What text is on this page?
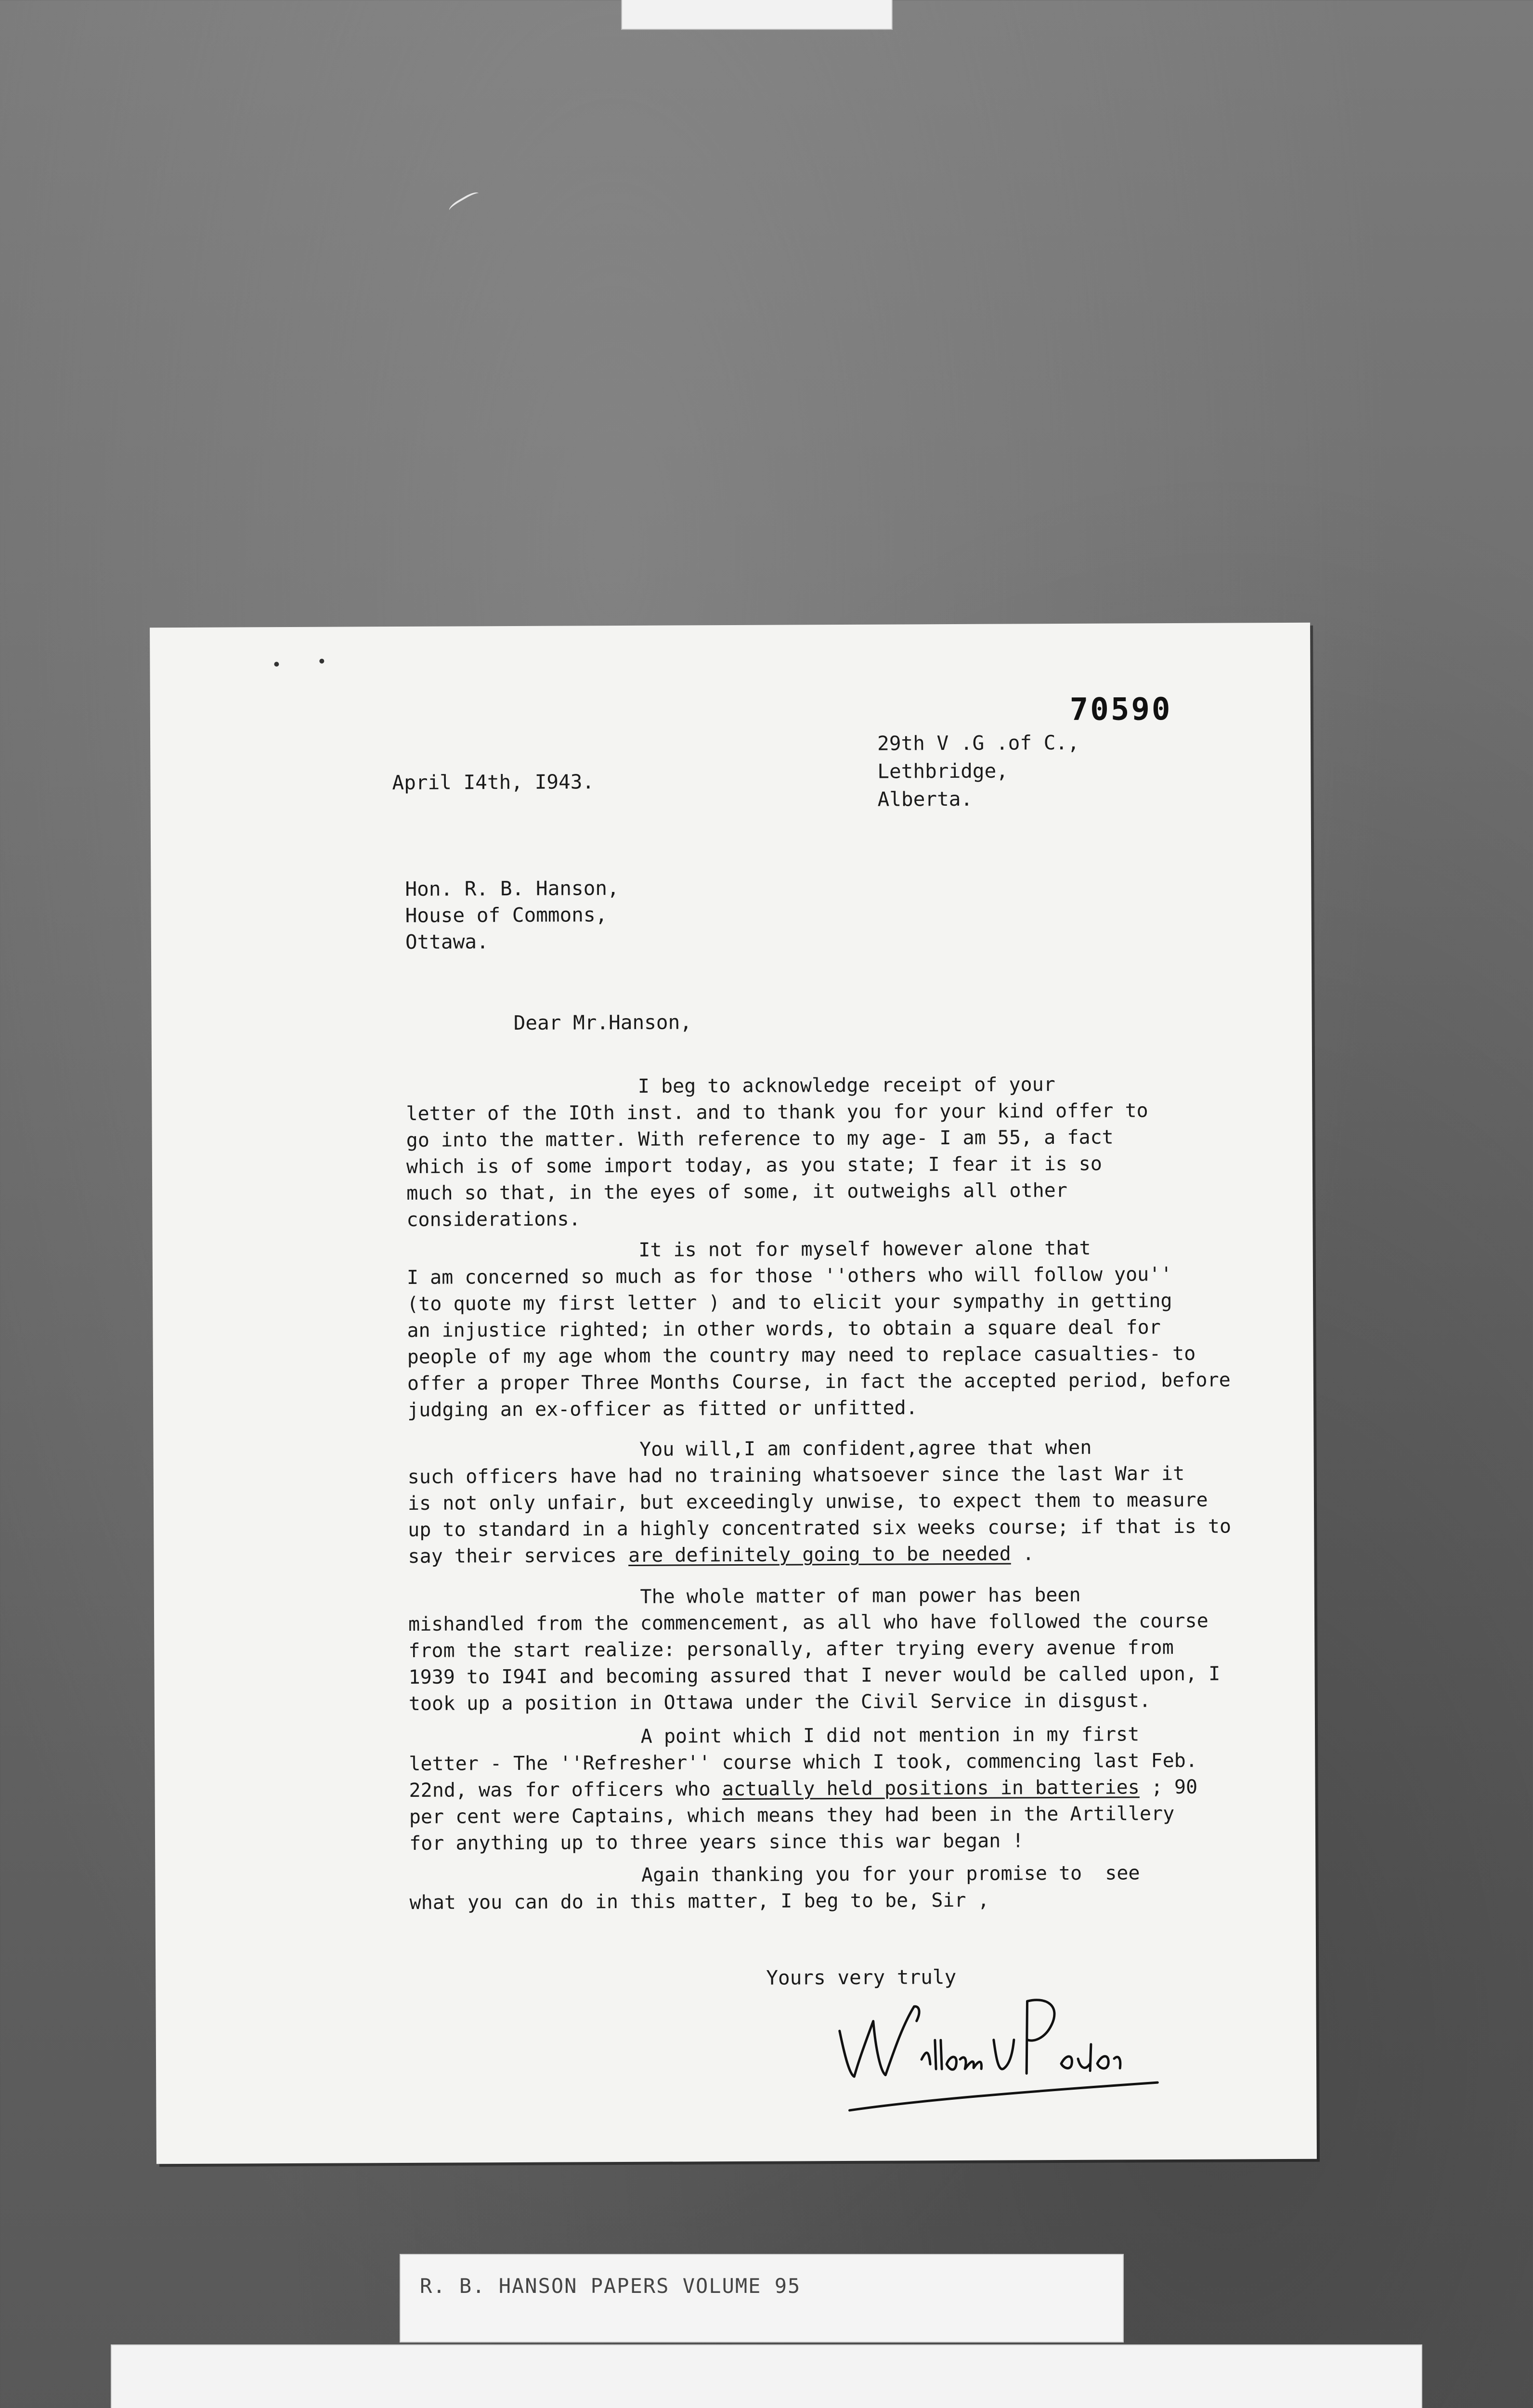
70590
29th V .G .of C.,
Lethbridge,
Alberta.
April I4th, I943.
Hon. R. B. Hanson,
House of Commons,
Ottawa.
Dear Mr.Hanson,
I beg to acknowledge receipt of your
letter of the IOth inst. and to thank you for your kind offer to
go into the matter. With reference to my age- I am 55, a fact
which is of some import today, as you state; I fear it is so
much so that, in the eyes of some, it outweighs all other
considerations.
It is not for myself however alone that
I am concerned so much as for those ''others who will follow you''
(to quote my first letter ) and to elicit your sympathy in getting
an injustice righted; in other words, to obtain a square deal for
people of my age whom the country may need to replace casualties- to
offer a proper Three Months Course, in fact the accepted period, before
judging an ex-officer as fitted or unfitted.
You will,I am confident,agree that when
such officers have had no training whatsoever since the last War it
is not only unfair, but exceedingly unwise, to expect them to measure
up to standard in a highly concentrated six weeks course; if that is to
say their services are definitely going to be needed .
The whole matter of man power has been
mishandled from the commencement, as all who have followed the course
from the start realize: personally, after trying every avenue from
1939 to I94I and becoming assured that I never would be called upon, I
took up a position in Ottawa under the Civil Service in disgust.
A point which I did not mention in my first
letter - The ''Refresher'' course which I took, commencing last Feb.
22nd, was for officers who actually held positions in batteries ; 90
per cent were Captains, which means they had been in the Artillery
for anything up to three years since this war began !
Again thanking you for your promise to  see
what you can do in this matter, I beg to be, Sir ,
Yours very truly
R. B. HANSON PAPERS VOLUME 95
